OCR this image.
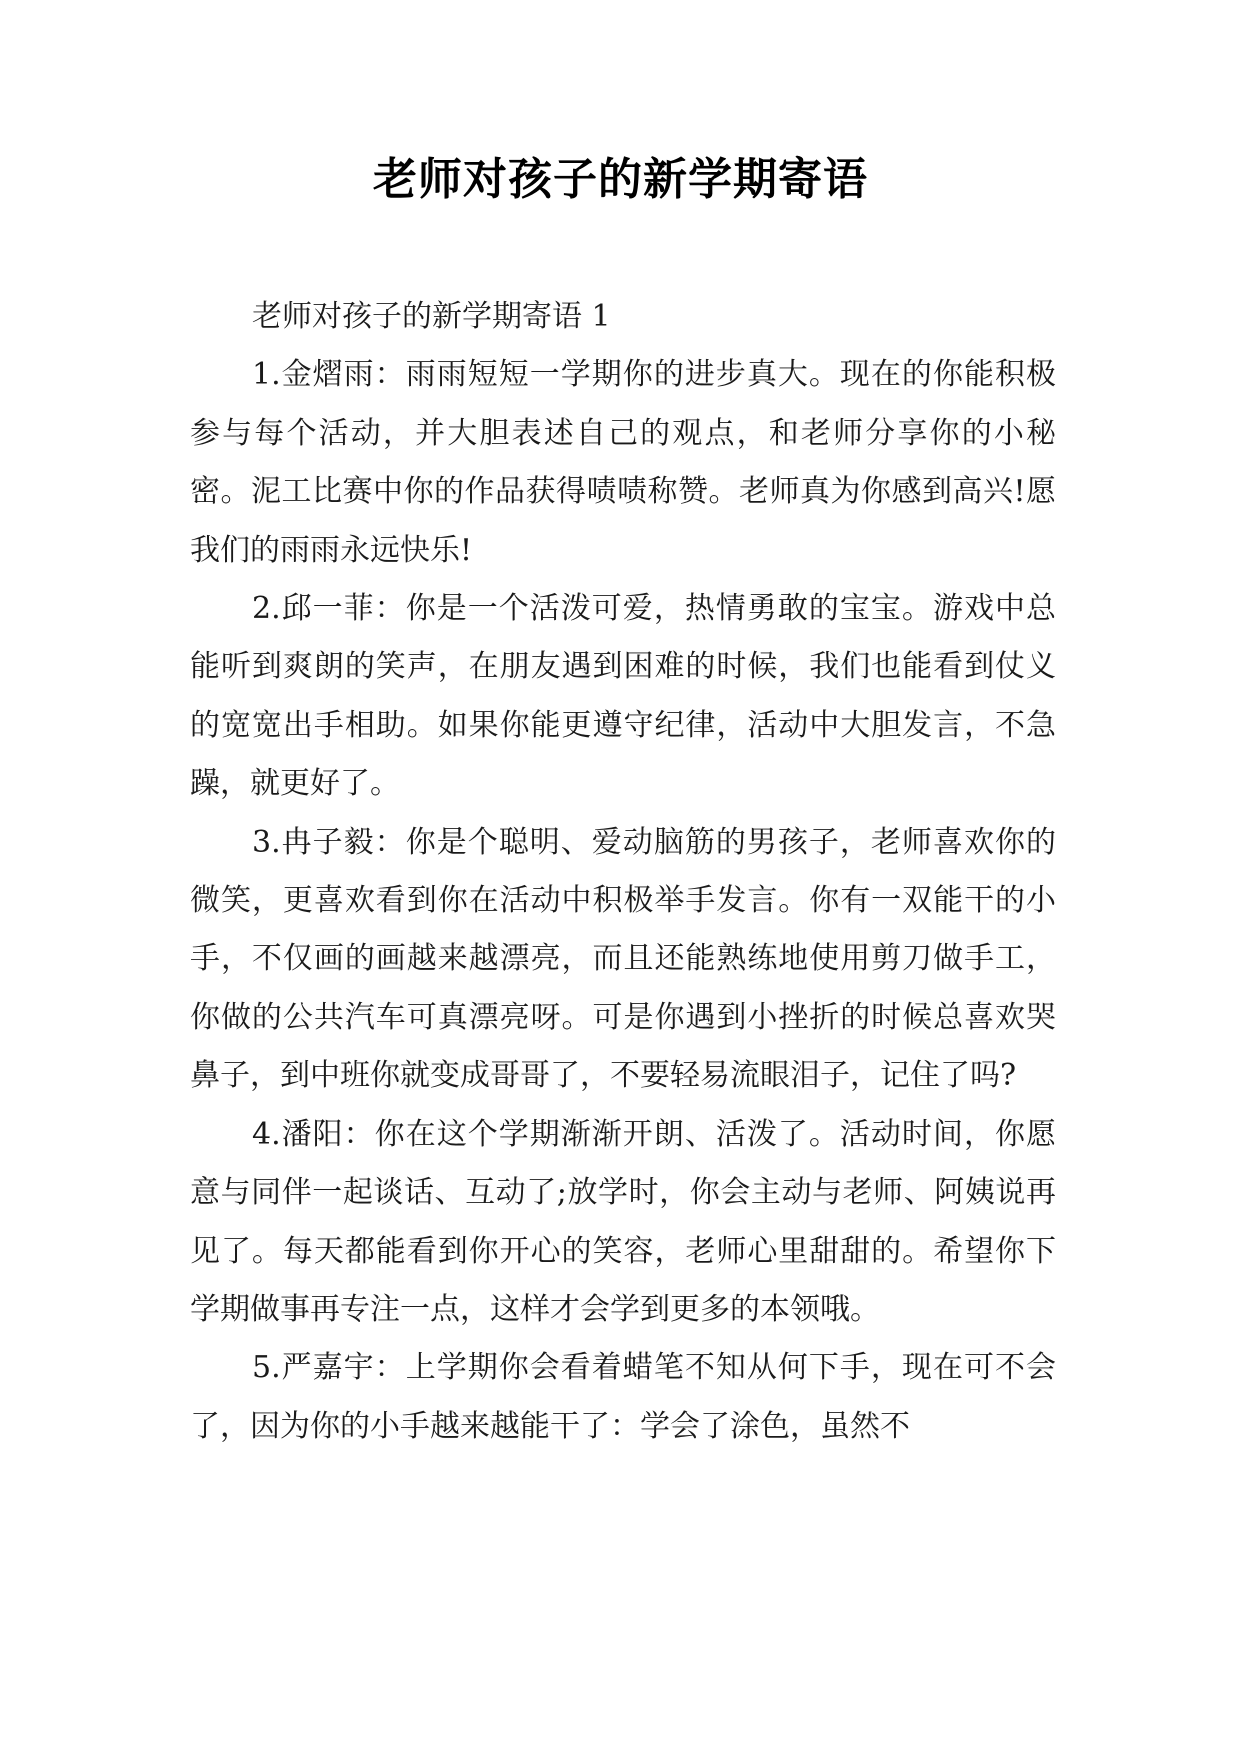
老师对孩子的新学期寄语

老师对孩子的新学期寄语 1

1.金熠雨：雨雨短短一学期你的进步真大。现在的你能积极参与每个活动，并大胆表述自己的观点，和老师分享你的小秘密。泥工比赛中你的作品获得啧啧称赞。老师真为你感到高兴!愿我们的雨雨永远快乐!

2.邱一菲：你是一个活泼可爱，热情勇敢的宝宝。游戏中总能听到爽朗的笑声，在朋友遇到困难的时候，我们也能看到仗义的宽宽出手相助。如果你能更遵守纪律，活动中大胆发言，不急躁，就更好了。

3.冉子毅：你是个聪明、爱动脑筋的男孩子，老师喜欢你的微笑，更喜欢看到你在活动中积极举手发言。你有一双能干的小手，不仅画的画越来越漂亮，而且还能熟练地使用剪刀做手工，你做的公共汽车可真漂亮呀。可是你遇到小挫折的时候总喜欢哭鼻子，到中班你就变成哥哥了，不要轻易流眼泪子，记住了吗?

4.潘阳：你在这个学期渐渐开朗、活泼了。活动时间，你愿意与同伴一起谈话、互动了;放学时，你会主动与老师、阿姨说再见了。每天都能看到你开心的笑容，老师心里甜甜的。希望你下学期做事再专注一点，这样才会学到更多的本领哦。

5.严嘉宇：上学期你会看着蜡笔不知从何下手，现在可不会了，因为你的小手越来越能干了：学会了涂色，虽然不
